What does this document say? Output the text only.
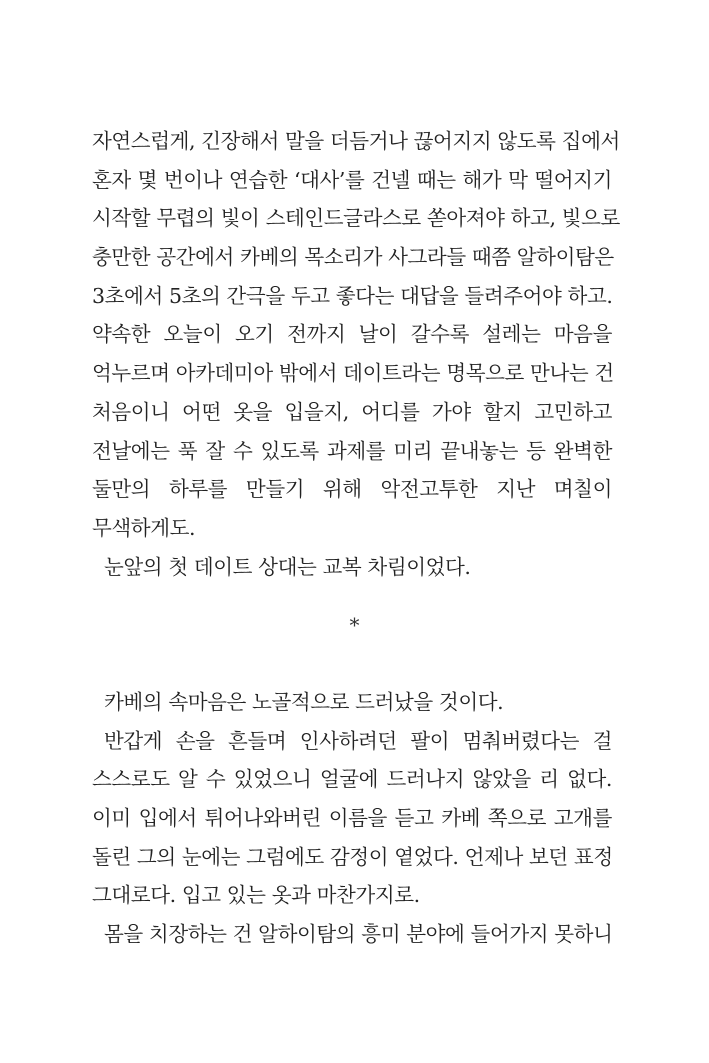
자연스럽게, 긴장해서 말을 더듬거나 끊어지지 않도록 집에서

혼자 몇 번이나 연습한 ‘대사’를 건넬 때는 해가 막 떨어지기

시작할 무렵의 빛이 스테인드글라스로 쏟아져야 하고, 빛으로

충만한 공간에서 카베의 목소리가 사그라들 때쯤 알하이탐은

3초에서 5초의 간극을 두고 좋다는 대답을 들려주어야 하고.

약속한 오늘이 오기 전까지 날이 갈수록 설레는 마음을

억누르며 아카데미아 밖에서 데이트라는 명목으로 만나는 건

처음이니 어떤 옷을 입을지, 어디를 가야 할지 고민하고

전날에는 푹 잘 수 있도록 과제를 미리 끝내놓는 등 완벽한

둘만의 하루를 만들기 위해 악전고투한 지난 며칠이

무색하게도.

눈앞의 첫 데이트 상대는 교복 차림이었다.

*

카베의 속마음은 노골적으로 드러났을 것이다.

반갑게 손을 흔들며 인사하려던 팔이 멈춰버렸다는 걸

스스로도 알 수 있었으니 얼굴에 드러나지 않았을 리 없다.

이미 입에서 튀어나와버린 이름을 듣고 카베 쪽으로 고개를

돌린 그의 눈에는 그럼에도 감정이 옅었다. 언제나 보던 표정

그대로다. 입고 있는 옷과 마찬가지로.

몸을 치장하는 건 알하이탐의 흥미 분야에 들어가지 못하니
